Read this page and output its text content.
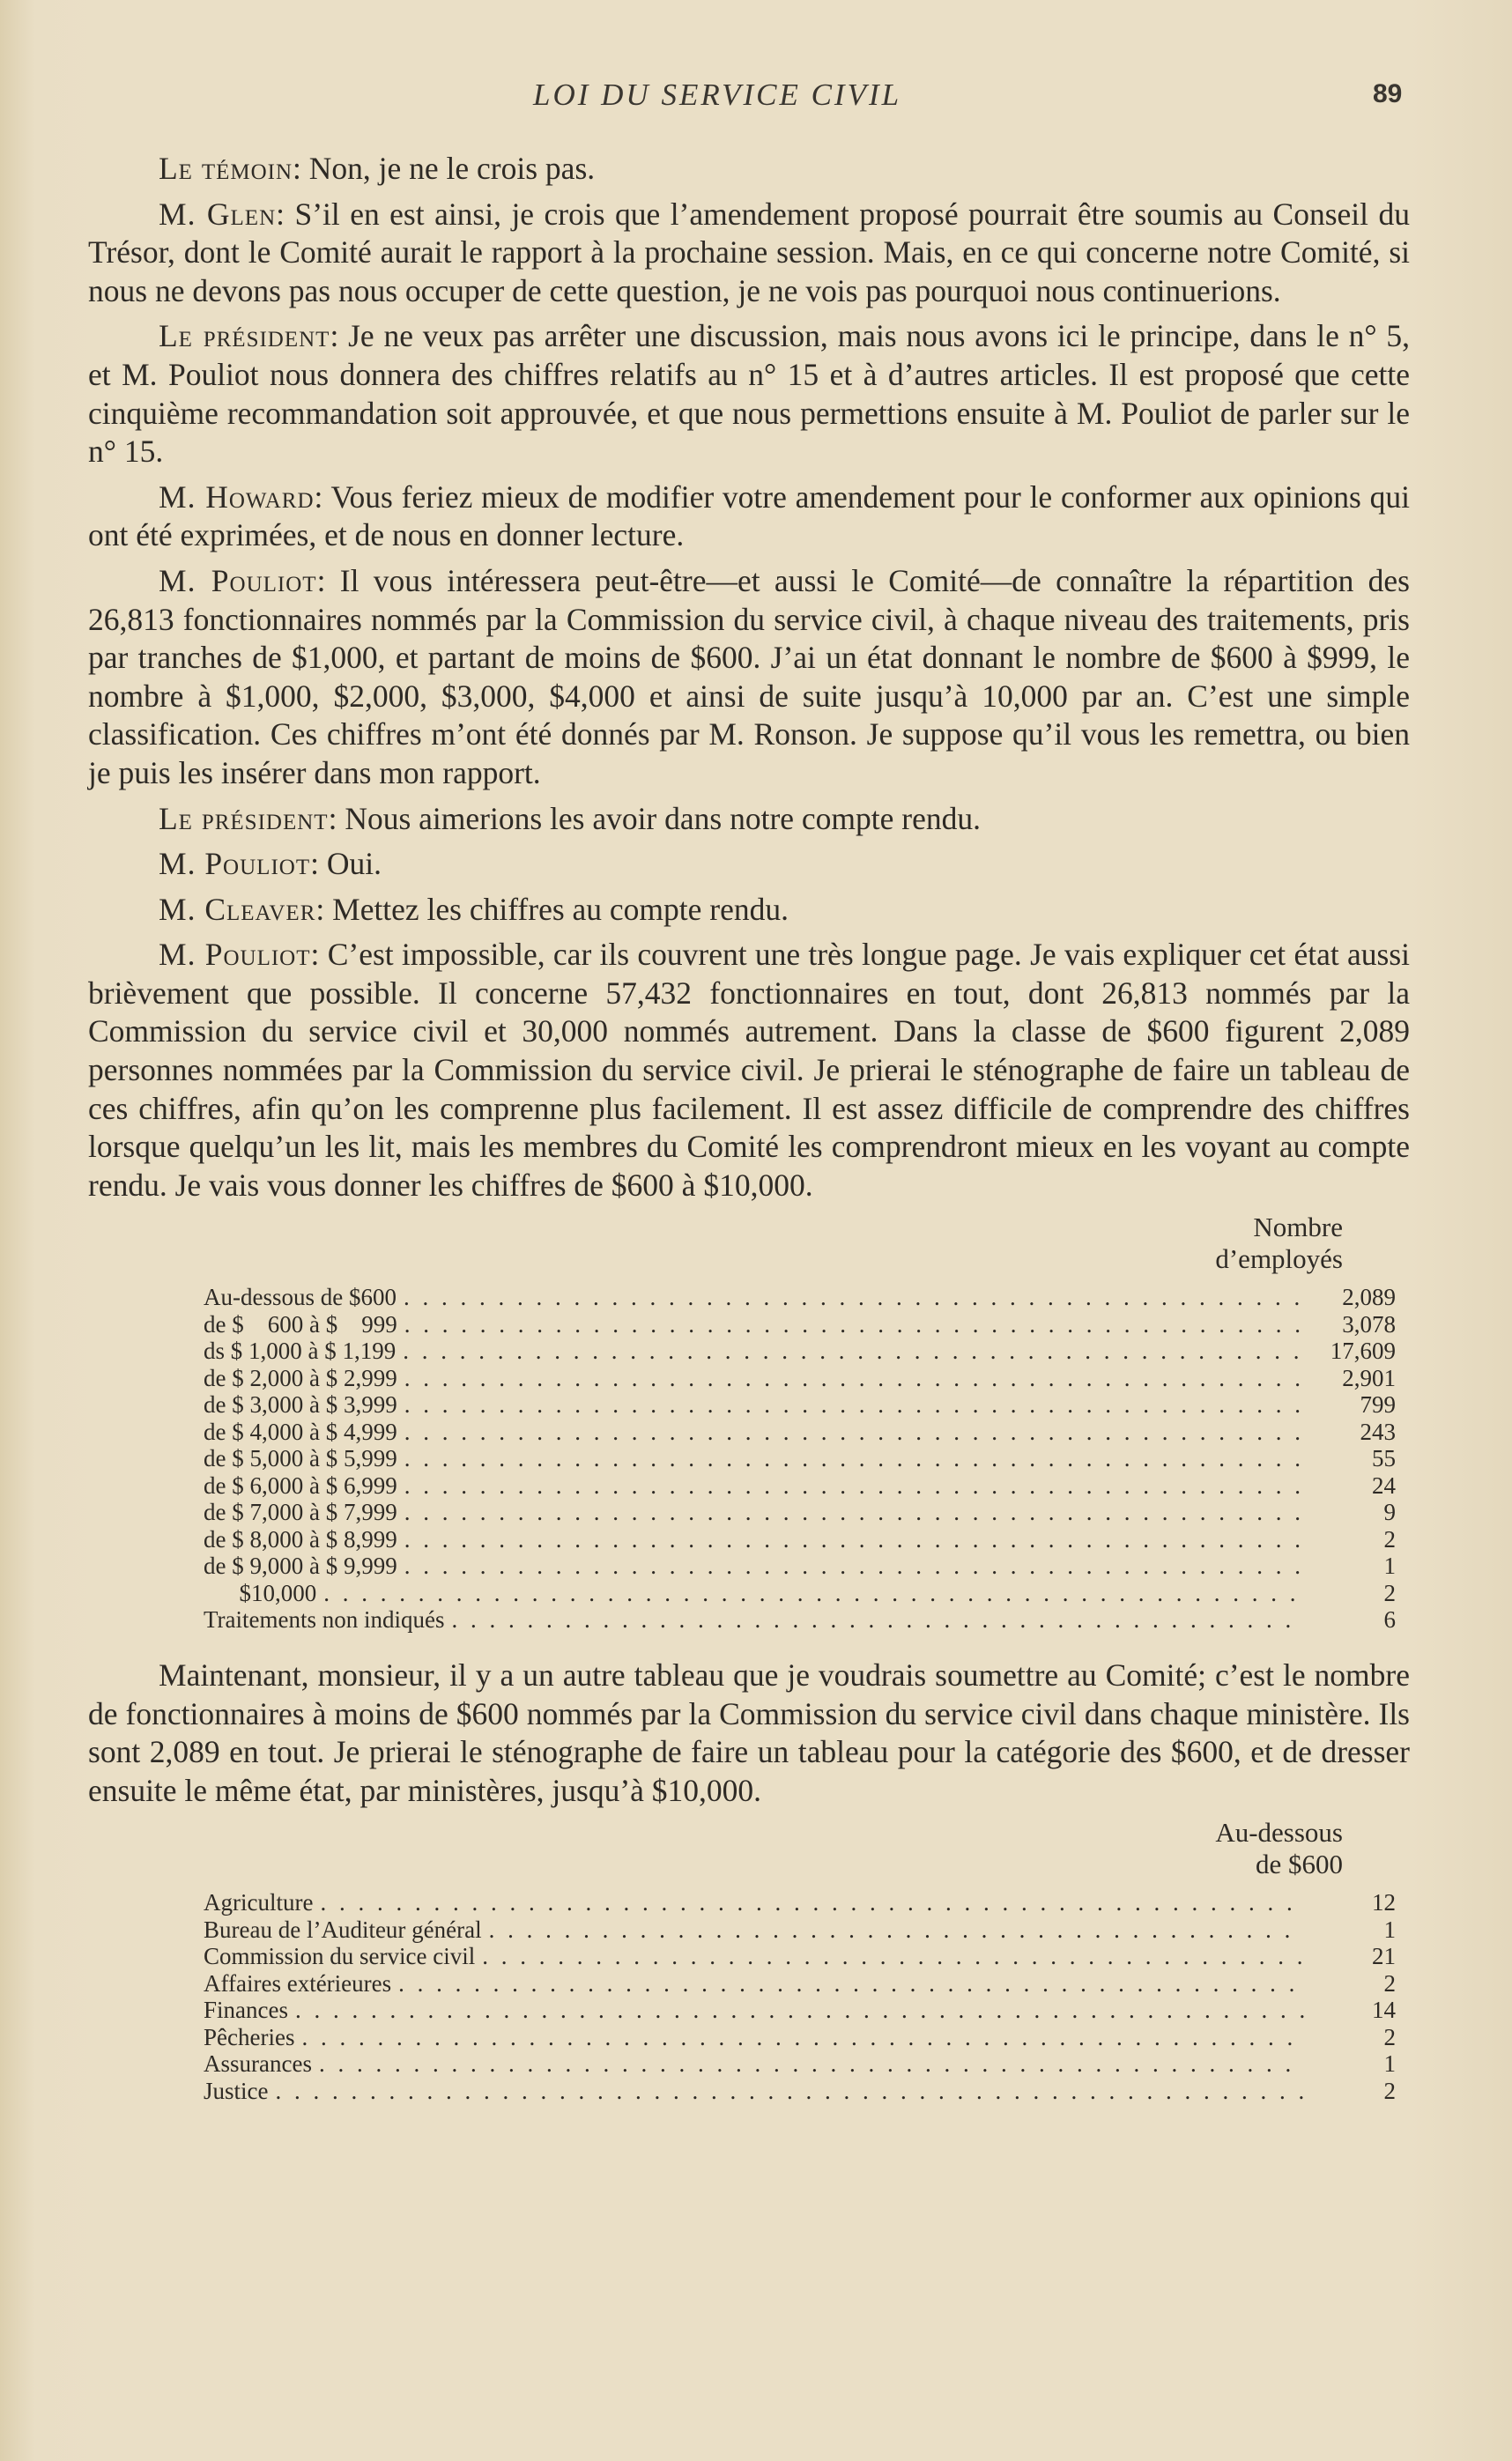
LOI DU SERVICE CIVIL	89

Le témoin: Non, je ne le crois pas.

M. Glen: S’il en est ainsi, je crois que l’amendement proposé pourrait être soumis au Conseil du Trésor, dont le Comité aurait le rapport à la prochaine session. Mais, en ce qui concerne notre Comité, si nous ne devons pas nous occuper de cette question, je ne vois pas pourquoi nous continuerions.

Le président: Je ne veux pas arrêter une discussion, mais nous avons ici le principe, dans le n° 5, et M. Pouliot nous donnera des chiffres relatifs au n° 15 et à d’autres articles. Il est proposé que cette cinquième recommandation soit approuvée, et que nous permettions ensuite à M. Pouliot de parler sur le n° 15.

M. Howard: Vous feriez mieux de modifier votre amendement pour le conformer aux opinions qui ont été exprimées, et de nous en donner lecture.

M. Pouliot: Il vous intéressera peut-être—et aussi le Comité—de connaître la répartition des 26,813 fonctionnaires nommés par la Commission du service civil, à chaque niveau des traitements, pris par tranches de $1,000, et partant de moins de $600. J’ai un état donnant le nombre de $600 à $999, le nombre à $1,000, $2,000, $3,000, $4,000 et ainsi de suite jusqu’à 10,000 par an. C’est une simple classification. Ces chiffres m’ont été donnés par M. Ronson. Je suppose qu’il vous les remettra, ou bien je puis les insérer dans mon rapport.

Le président: Nous aimerions les avoir dans notre compte rendu.

M. Pouliot: Oui.

M. Cleaver: Mettez les chiffres au compte rendu.

M. Pouliot: C’est impossible, car ils couvrent une très longue page. Je vais expliquer cet état aussi brièvement que possible. Il concerne 57,432 fonctionnaires en tout, dont 26,813 nommés par la Commission du service civil et 30,000 nommés autrement. Dans la classe de $600 figurent 2,089 personnes nommées par la Commission du service civil. Je prierai le sténographe de faire un tableau de ces chiffres, afin qu’on les comprenne plus facilement. Il est assez difficile de comprendre des chiffres lorsque quelqu’un les lit, mais les membres du Comité les comprendront mieux en les voyant au compte rendu. Je vais vous donner les chiffres de $600 à $10,000.

Nombre
d’employés
Au-dessous de $600 . . .	2,089
de $    600 à $    999 . . .	3,078
ds $ 1,000 à $ 1,199 . . .	17,609
de $ 2,000 à $ 2,999 . . .	2,901
de $ 3,000 à $ 3,999 . . .	799
de $ 4,000 à $ 4,999 . . .	243
de $ 5,000 à $ 5,999 . . .	55
de $ 6,000 à $ 6,999 . . .	24
de $ 7,000 à $ 7,999 . . .	9
de $ 8,000 à $ 8,999 . . .	2
de $ 9,000 à $ 9,999 . . .	1
$10,000 . . .	2
Traitements non indiqués . . .	6

Maintenant, monsieur, il y a un autre tableau que je voudrais soumettre au Comité; c’est le nombre de fonctionnaires à moins de $600 nommés par la Commission du service civil dans chaque ministère. Ils sont 2,089 en tout. Je prierai le sténographe de faire un tableau pour la catégorie des $600, et de dresser ensuite le même état, par ministères, jusqu’à $10,000.

Au-dessous
de $600
Agriculture . . .	12
Bureau de l’Auditeur général . . .	1
Commission du service civil . . .	21
Affaires extérieures . . .	2
Finances . . .	14
Pêcheries . . .	2
Assurances . . .	1
Justice . . .	2
